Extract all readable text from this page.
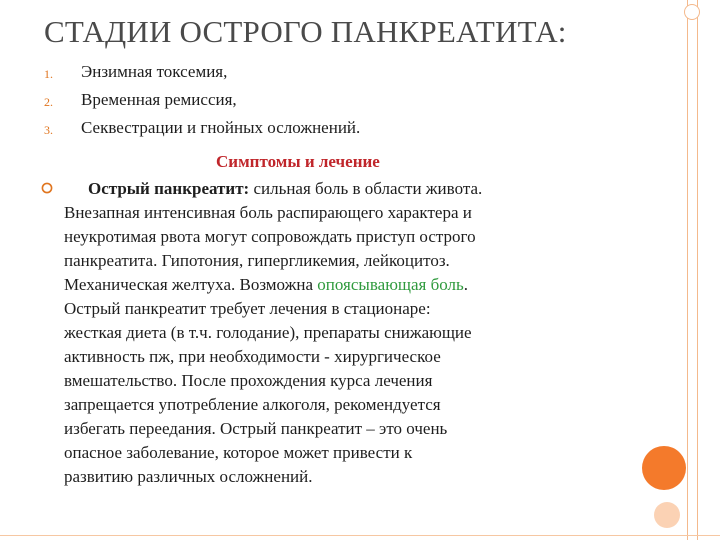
СТАДИИ ОСТРОГО ПАНКРЕАТИТА:
1. Энзимная токсемия,
2. Временная ремиссия,
3. Секвестрации и гнойных осложнений.
Симптомы и лечение
Острый панкреатит: сильная боль в области живота.
Внезапная интенсивная боль распирающего характера и
неукротимая рвота могут сопровождать приступ острого
панкреатита. Гипотония, гипергликемия, лейкоцитоз.
Механическая желтуха. Возможна опоясывающая боль.
Острый панкреатит требует лечения в стационаре:
жесткая диета (в т.ч. голодание), препараты снижающие
активность пж, при необходимости - хирургическое
вмешательство. После прохождения курса лечения
запрещается употребление алкоголя, рекомендуется
избегать переедания. Острый панкреатит – это очень
опасное заболевание, которое может привести к
развитию различных осложнений.
